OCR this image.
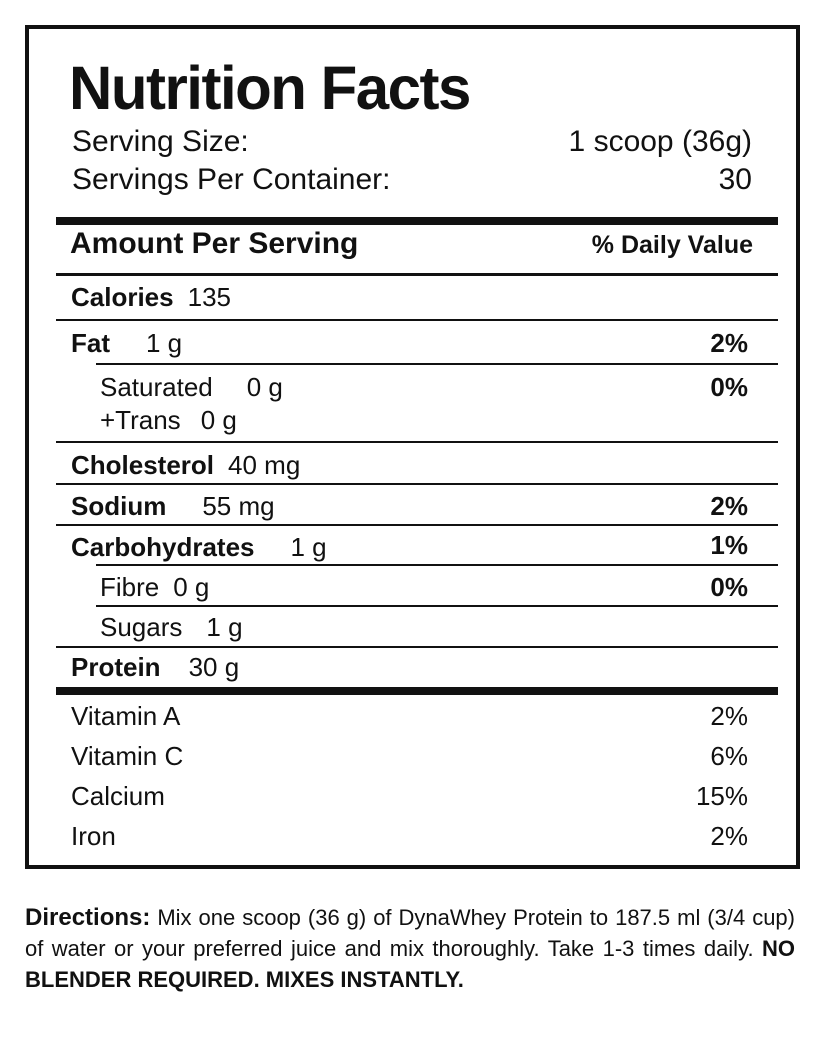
Nutrition Facts
Serving Size:	1 scoop (36g)
Servings Per Container:	30
Amount Per Serving	% Daily Value
Calories 135
Fat 1 g	2%
Saturated 0 g	0%
+Trans 0 g
Cholesterol 40 mg
Sodium 55 mg	2%
Carbohydrates 1 g	1%
Fibre 0 g	0%
Sugars 1 g
Protein 30 g
Vitamin A	2%
Vitamin C	6%
Calcium	15%
Iron	2%

Directions: Mix one scoop (36 g) of DynaWhey Protein to 187.5 ml (3/4 cup) of water or your preferred juice and mix thoroughly. Take 1-3 times daily. NO BLENDER REQUIRED. MIXES INSTANTLY.
